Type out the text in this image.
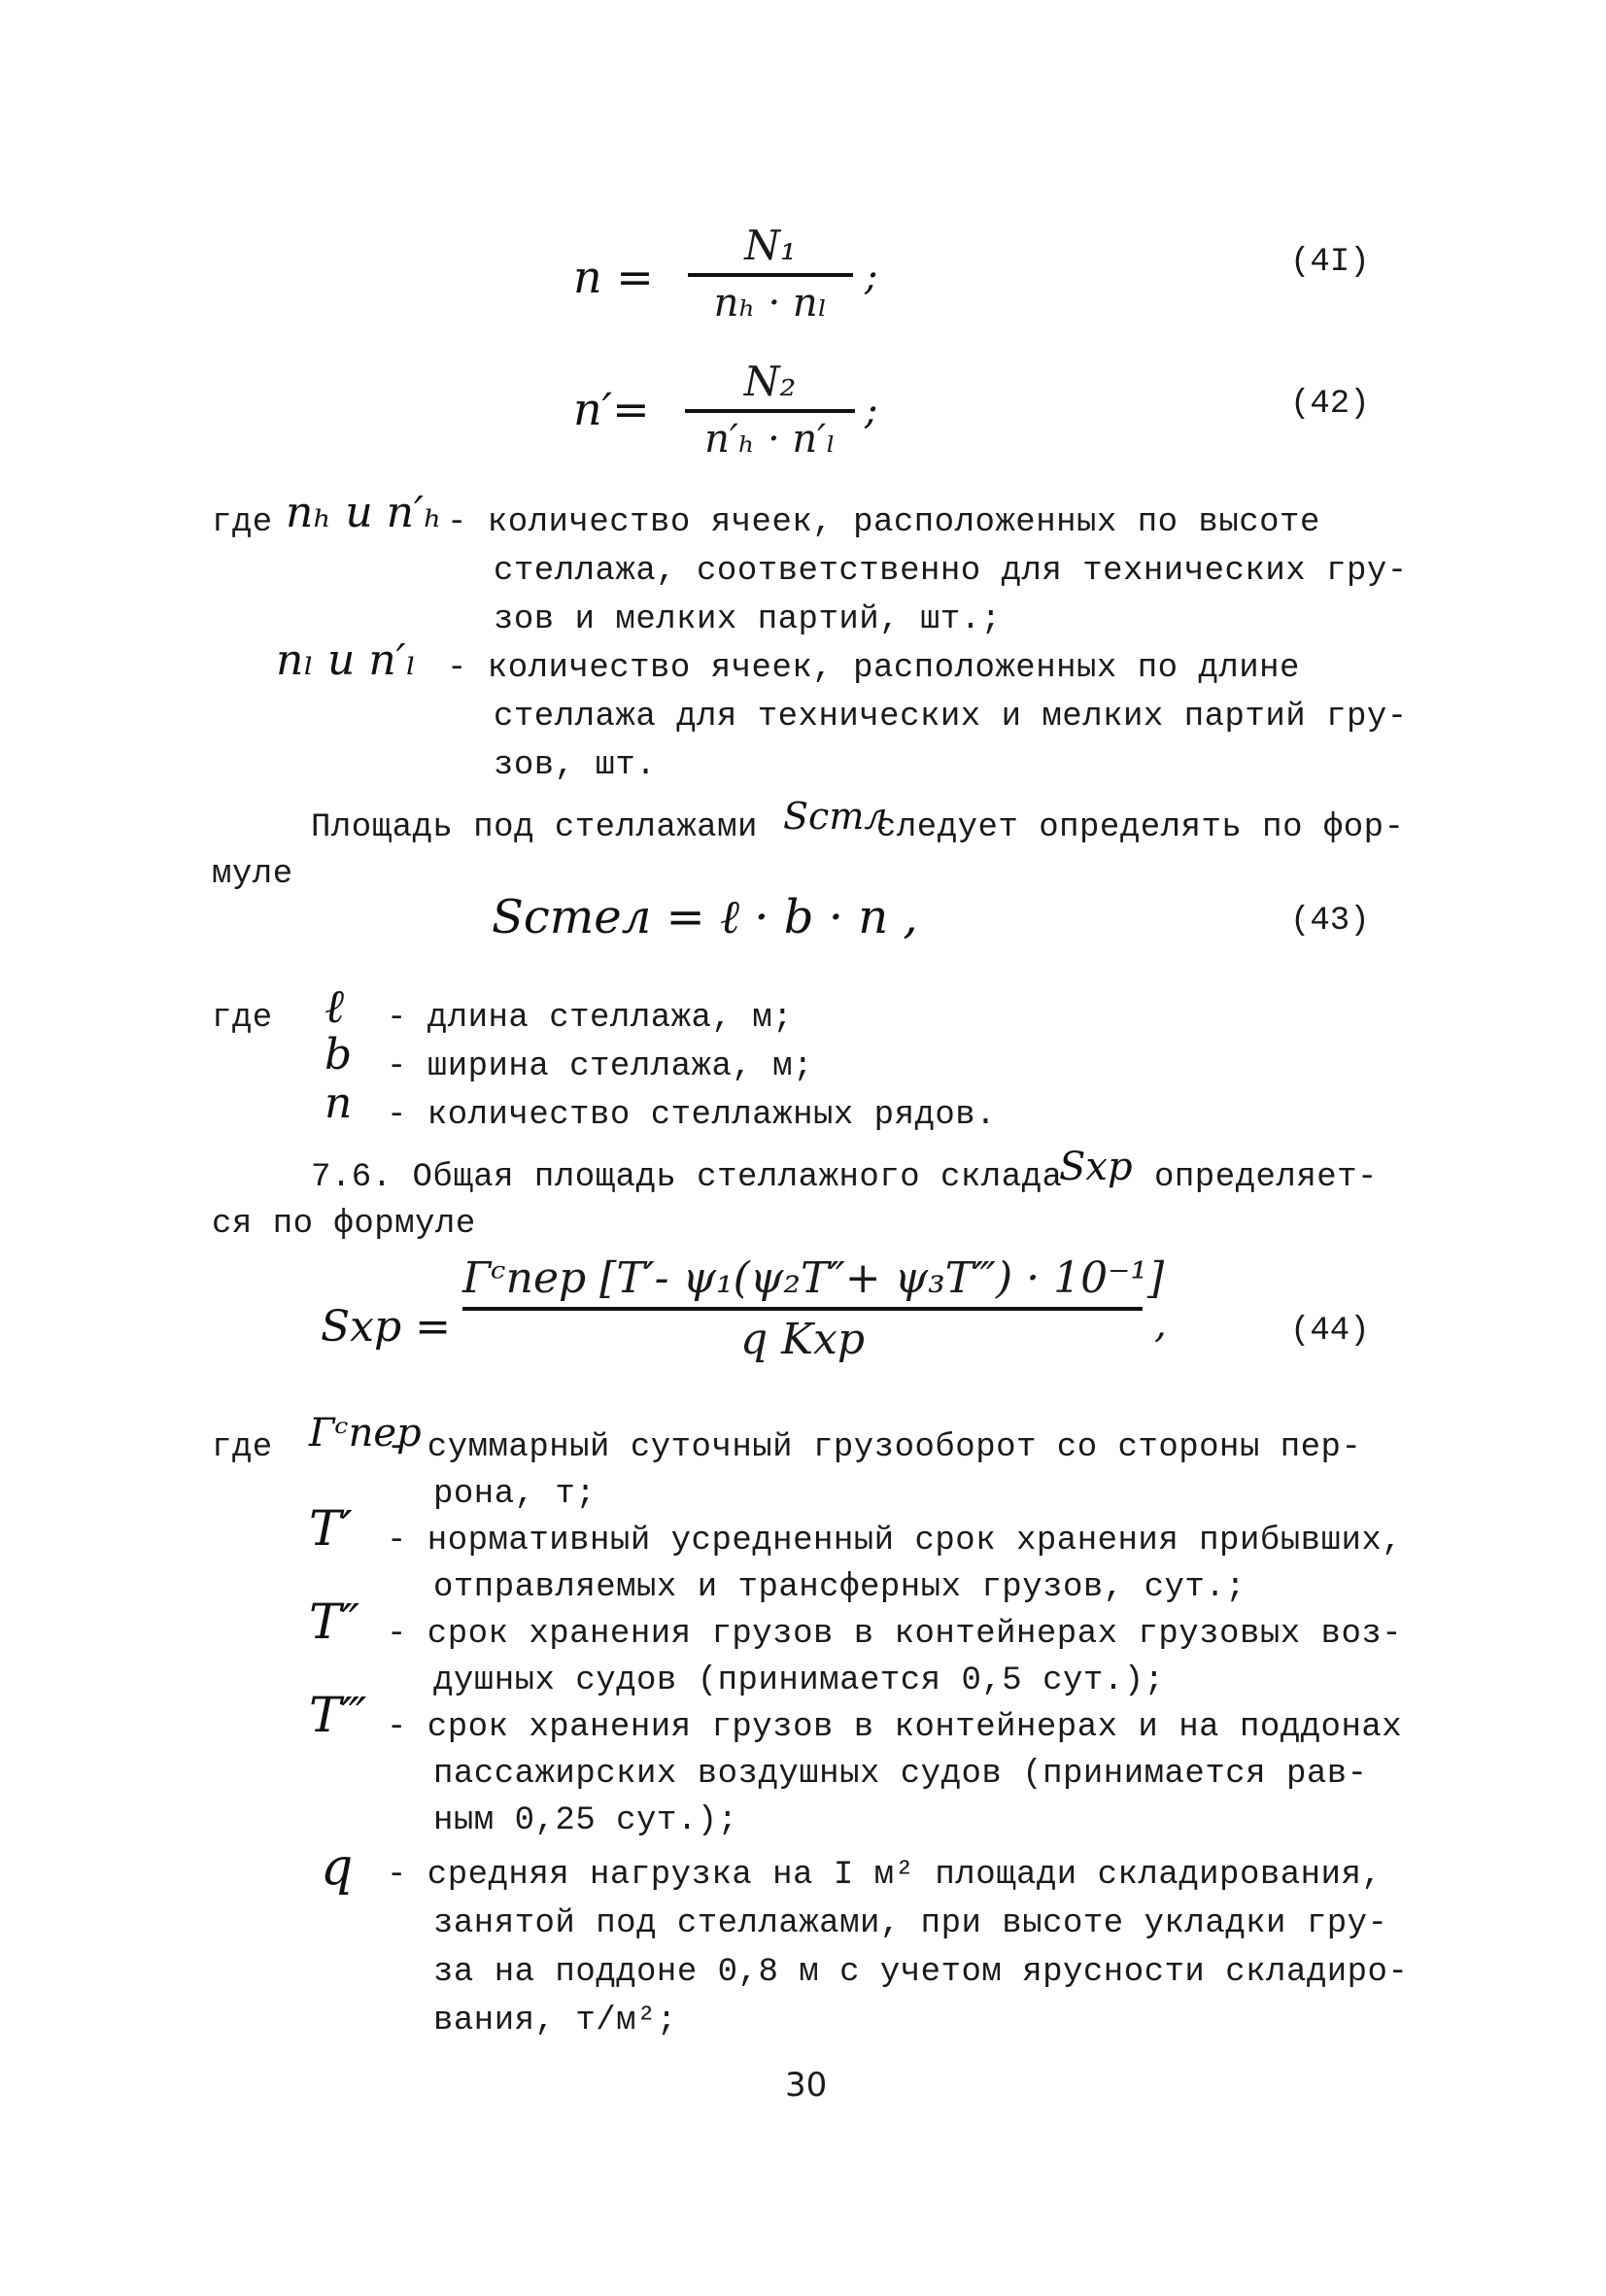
n =
N₁
nₕ · nₗ
;	(4I)
n′=
N₂
n′ₕ · n′ₗ
;	(42)
где nₕ и n′ₕ - количество ячеек, расположенных по высоте
стеллажа, соответственно для технических гру-
зов и мелких партий, шт.;
nₗ и n′ₗ - количество ячеек, расположенных по длине
стеллажа для технических и мелких партий гру-
зов, шт.
Площадь под стеллажами Sстл
следует определять по фор-
муле
Sстел = ℓ · b · n ,	(43)
где ℓ - длина стеллажа, м;
b - ширина стеллажа, м;
n - количество стеллажных рядов.
7.6. Общая площадь стеллажного склада
Sxp определяет-
ся по формуле
Sxp =
Гᶜпер [T′- ψ₁(ψ₂T″+ ψ₃T‴) · 10⁻¹]
q Kxp	,	(44)
где Гᶜпер
- суммарный суточный грузооборот со стороны пер-
рона, т;
T′ - нормативный усредненный срок хранения прибывших,
отправляемых и трансферных грузов, сут.;
T″ - срок хранения грузов в контейнерах грузовых воз-
душных судов (принимается 0,5 сут.);
T‴ - срок хранения грузов в контейнерах и на поддонах
пассажирских воздушных судов (принимается рав-
ным 0,25 сут.);
q - средняя нагрузка на I м² площади складирования,
занятой под стеллажами, при высоте укладки гру-
за на поддоне 0,8 м с учетом ярусности складиро-
вания, т/м²;
30
